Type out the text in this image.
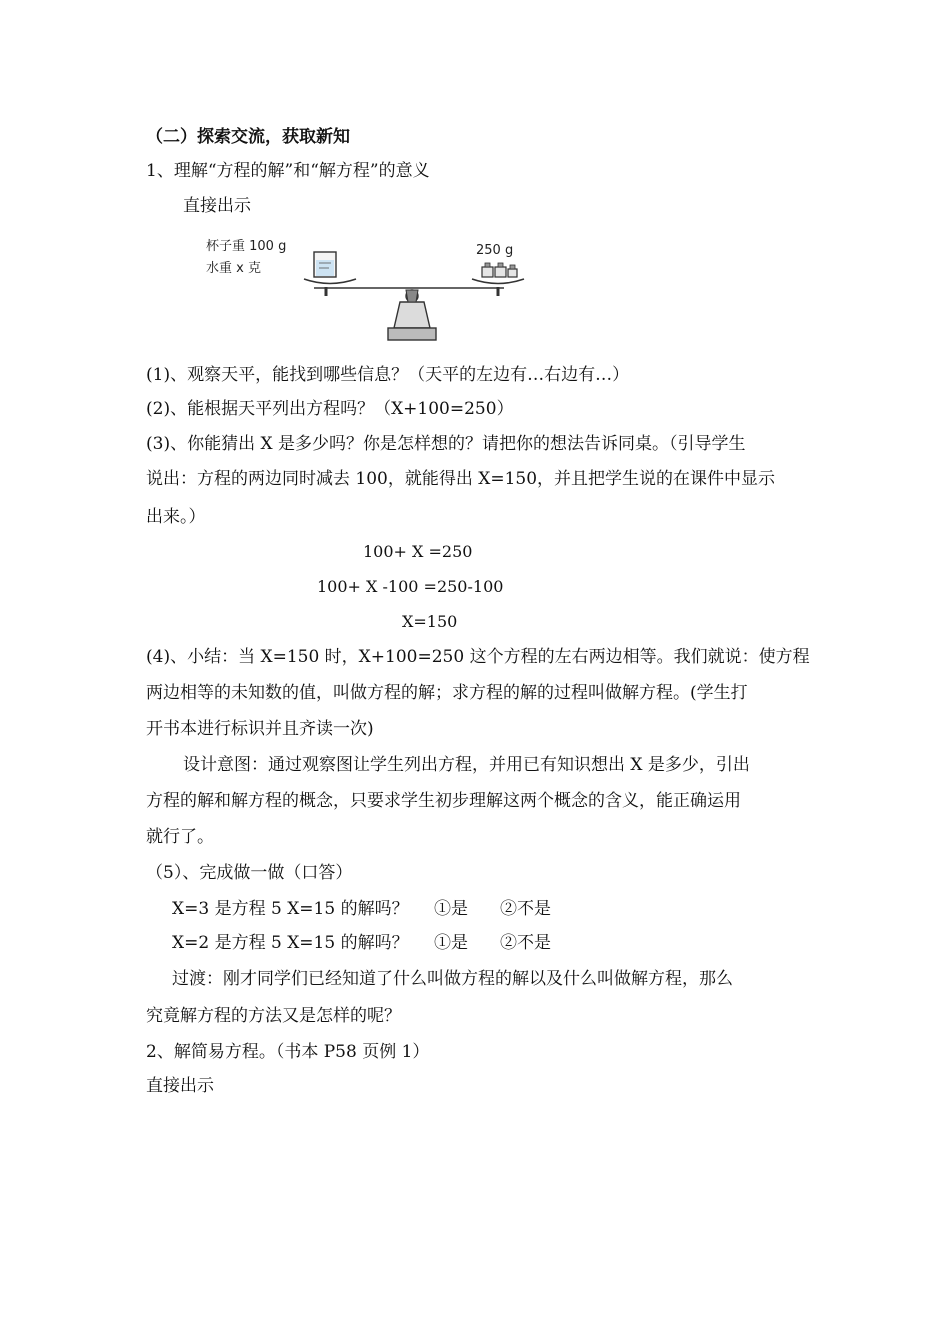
（二）探索交流，获取新知
1、理解“方程的解”和“解方程”的意义
直接出示
杯子重 100 g
水重 x 克
250 g
(1)、观察天平，能找到哪些信息？（天平的左边有…右边有…）
(2)、能根据天平列出方程吗？（X+100=250）
(3)、你能猜出 X 是多少吗？你是怎样想的？请把你的想法告诉同桌。（引导学生
说出：方程的两边同时减去 100，就能得出 X=150，并且把学生说的在课件中显示
出来。）
100+ X =250
100+ X -100 =250-100
X=150
(4)、小结：当 X=150 时，X+100=250 这个方程的左右两边相等。我们就说：使方程
两边相等的未知数的值，叫做方程的解；求方程的解的过程叫做解方程。(学生打
开书本进行标识并且齐读一次)
设计意图：通过观察图让学生列出方程，并用已有知识想出 X 是多少，引出
方程的解和解方程的概念，只要求学生初步理解这两个概念的含义，能正确运用
就行了。
（5）、完成做一做（口答）
X=3 是方程 5 X=15 的解吗？	①是	②不是
X=2 是方程 5 X=15 的解吗？	①是	②不是
过渡：刚才同学们已经知道了什么叫做方程的解以及什么叫做解方程，那么
究竟解方程的方法又是怎样的呢？
2、解简易方程。（书本 P58 页例 1）
直接出示
